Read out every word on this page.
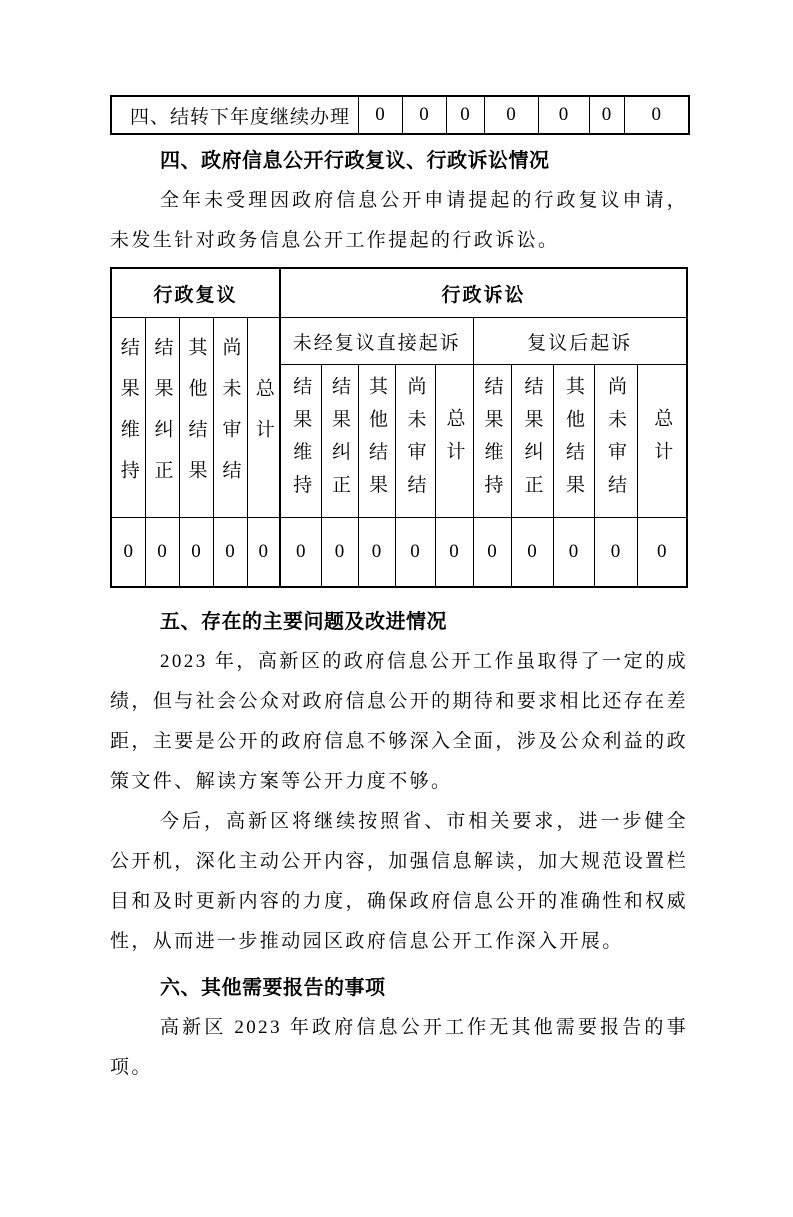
四、结转下年度继续办理	0	0	0	0	0	0	0
四、政府信息公开行政复议、行政诉讼情况

全年未受理因政府信息公开申请提起的行政复议申请，未发生针对政务信息公开工作提起的行政诉讼。

行政复议					行政诉讼									
结果维持	结果纠正	其他结果	尚未审结	总计	未经复议直接起诉					复议后起诉				
					结果维持	结果纠正	其他结果	尚未审结	总计	结果维持	结果纠正	其他结果	尚未审结	总计
0	0	0	0	0	0	0	0	0	0	0	0	0	0	0
五、存在的主要问题及改进情况

2023 年，高新区的政府信息公开工作虽取得了一定的成绩，但与社会公众对政府信息公开的期待和要求相比还存在差距，主要是公开的政府信息不够深入全面，涉及公众利益的政策文件、解读方案等公开力度不够。

今后，高新区将继续按照省、市相关要求，进一步健全公开机，深化主动公开内容，加强信息解读，加大规范设置栏目和及时更新内容的力度，确保政府信息公开的准确性和权威性，从而进一步推动园区政府信息公开工作深入开展。

六、其他需要报告的事项

高新区 2023 年政府信息公开工作无其他需要报告的事项。
